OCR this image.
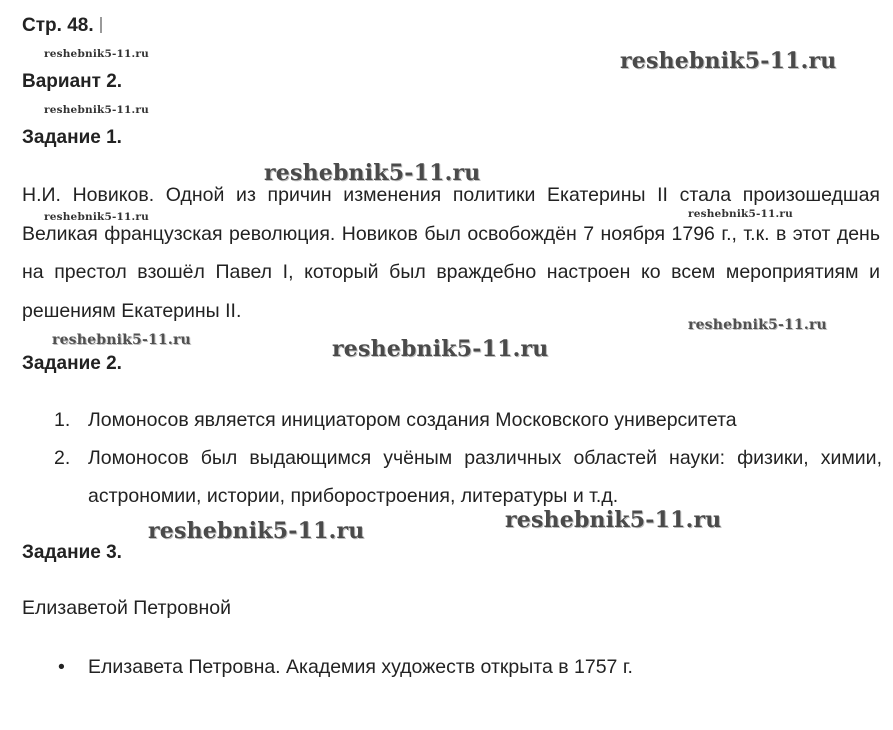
Стр. 48.
Вариант 2.
Задание 1.

Н.И. Новиков. Одной из причин изменения политики Екатерины II стала произошедшая Великая французская революция. Новиков был освобождён 7 ноября 1796 г., т.к. в этот день на престол взошёл Павел I, который был враждебно настроен ко всем мероприятиям и решениям Екатерины II.

Задание 2.
1. Ломоносов является инициатором создания Московского университета
2. Ломоносов был выдающимся учёным различных областей науки: физики, химии, астрономии, истории, приборостроения, литературы и т.д.
Задание 3.
Елизаветой Петровной
• Елизавета Петровна. Академия художеств открыта в 1757 г.
reshebnik5-11.ru	reshebnik5-11.ru
reshebnik5-11.ru
reshebnik5-11.ru
reshebnik5-11.ru	reshebnik5-11.ru
reshebnik5-11.ru
reshebnik5-11.ru
reshebnik5-11.ru
reshebnik5-11.ru	reshebnik5-11.ru
